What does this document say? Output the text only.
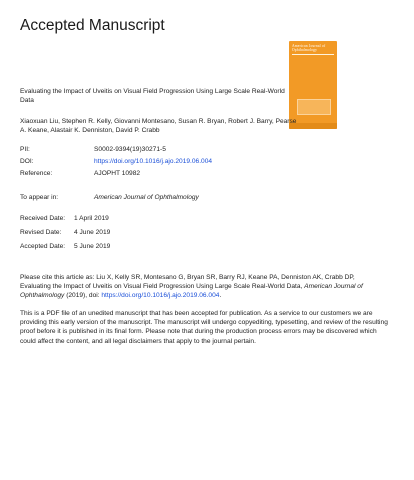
Accepted Manuscript
American Journal of Ophthalmology
Evaluating the Impact of Uveitis on Visual Field Progression Using Large Scale Real-World Data
Xiaoxuan Liu, Stephen R. Kelly, Giovanni Montesano, Susan R. Bryan, Robert J. Barry, Pearse A. Keane, Alastair K. Denniston, David P. Crabb
PII:	S0002-9394(19)30271-5
DOI:	https://doi.org/10.1016/j.ajo.2019.06.004
Reference:	AJOPHT 10982
To appear in:	American Journal of Ophthalmology
Received Date: 1 April 2019
Revised Date: 4 June 2019
Accepted Date: 5 June 2019
Please cite this article as: Liu X, Kelly SR, Montesano G, Bryan SR, Barry RJ, Keane PA, Denniston AK, Crabb DP, Evaluating the Impact of Uveitis on Visual Field Progression Using Large Scale Real-World Data, American Journal of Ophthalmology (2019), doi: https://doi.org/10.1016/j.ajo.2019.06.004.
This is a PDF file of an unedited manuscript that has been accepted for publication. As a service to our customers we are providing this early version of the manuscript. The manuscript will undergo copyediting, typesetting, and review of the resulting proof before it is published in its final form. Please note that during the production process errors may be discovered which could affect the content, and all legal disclaimers that apply to the journal pertain.
